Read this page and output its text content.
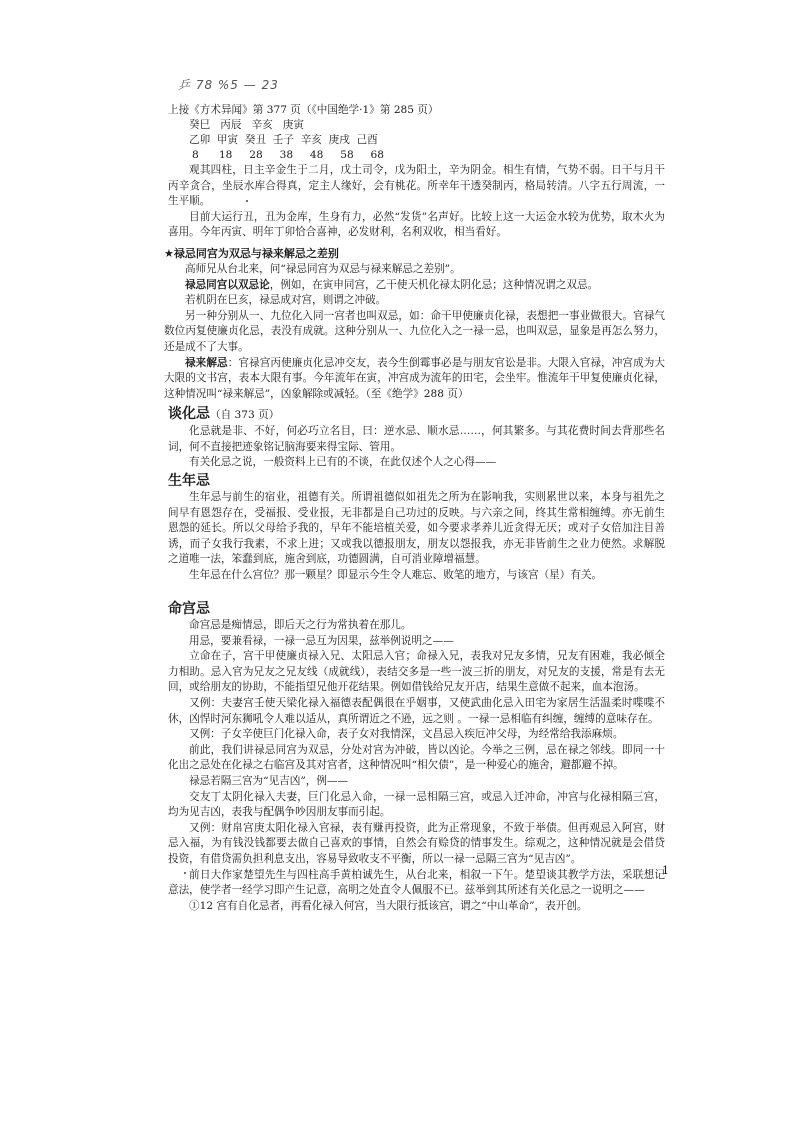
乒 78 %5 — 23

上接《方术异闻》第 377 页（《中国绝学·1》第 285 页）

癸巳   丙辰   辛亥   庚寅

乙卯  甲寅  癸丑  壬子  辛亥  庚戌  己酉

8      18     28     38     48     58     68

观其四柱，日主辛金生于二月，戊土司令，戊为阳土，辛为阴金。相生有情，气势不弱。日干与月干丙辛贪合，坐辰水库合得真，定主人缘好，会有桃花。所幸年干透癸制丙，格局转清。八字五行周流，一生平顺。

目前大运行丑，丑为金库，生身有力，必然“发货”名声好。比较上这一大运金水较为优势，取木火为喜用。今年丙寅、明年丁卯恰合喜神，必发财利，名利双收，相当看好。

★禄忌同宫为双忌与禄来解忌之差别

高师兄从台北来，问“禄忌同宫为双忌与禄来解忌之差别”。

禄忌同宫以双忌论，例如，在寅申同宫，乙干使天机化禄太阴化忌；这种情况谓之双忌。

若机阴在巳亥，禄忌成对宫，则谓之冲破。

另一种分别从一、九位化入同一宫者也叫双忌，如：命干甲使廉贞化禄，表想把一事业做很大。官禄气数位丙复使廉贞化忌，表没有成就。这种分别从一、九位化入之一禄一忌，也叫双忌，显象是再怎么努力，还是成不了大事。

禄来解忌：官禄宫丙使廉贞化忌冲交友，表今生倒霉事必是与朋友官讼是非。大限入官禄，冲宫成为大大限的文书宫，表本大限有事。今年流年在寅，冲宫成为流年的田宅，会坐牢。惟流年干甲复使廉贞化禄，这种情况叫“禄来解忌”，凶象解除或减轻。（至《绝学》288 页）

谈化忌（自 373 页）

化忌就是非、不好，何必巧立名目，曰：逆水忌、顺水忌……，何其繁多。与其花费时间去背那些名词，何不直接把迹象铭记脑海要来得宝际、管用。

有关化忌之说，一般资料上已有的不谈，在此仅述个人之心得——

生年忌

生年忌与前生的宿业，祖德有关。所谓祖德似如祖先之所为在影响我，实则累世以来，本身与祖先之间早有恩怨存在，受福报、受业报，无非都是自己功过的反映。与六亲之间，终其生常相缠缚。亦无前生恩怨的延长。所以父母给予我的，早年不能培植关爱，如今要求孝养儿近贪得无厌；或对子女倍加注目善诱，而子女我行我素，不求上进；又或我以德报朋友，朋友以怨报我，亦无非皆前生之业力使然。求解脱之道唯一法，笨蠢到底，施舍到底，功德圆满，自可消业障增福慧。

生年忌在什么宫位？那一颗星？即显示今生令人难忘、败笔的地方，与该宫（星）有关。

命宫忌

命宫忌是痴情忌，即后天之行为常执着在那儿。

用忌，要兼看禄，一禄一忌互为因果，兹举例说明之——

立命在子，宫干甲使廉贞禄入兄、太阳忌入官；命禄入兄，表我对兄友多情，兄友有困难，我必倾全力相助。忌入官为兄友之兄友线（成就线），表结交多是一些一波三折的朋友，对兄友的支援，常是有去无回，或给朋友的协助，不能指望兄他开花结果。例如借钱给兄友开店，结果生意做不起来，血本泡汤。

又例：夫妻宫壬使天梁化禄入福德表配偶很在乎姻事，又使武曲化忌入田宅为家居生活温柔时喋喋不休，凶悍时河东狮吼令人难以适从，真所谓近之不逊，远之则 。一禄一忌相临有纠缠，缠缚的意味存在。

又例：子女辛使巨门化禄入命，表子女对我情深，文昌忌入疾厄冲父母，为经常给我添麻烦。

前此，我们讲禄忌同宫为双忌，分处对宫为冲破，皆以凶论。今举之三例，忌在禄之邻线。即同一十化出之忌处在化禄之右临宫及其对宫者，这种情况叫“相欠债”，是一种爱心的施舍，避都避不掉。

禄忌若隔三宫为“见吉凶”，例——

交友丁太阴化禄入夫妻，巨门化忌入命，一禄一忌相隔三宫，或忌入迁冲命，冲宫与化禄相隔三宫，均为见吉凶，表我与配偶争吵因朋友事而引起。

又例：财帛宫庚太阳化禄入官禄，表有赚再投资，此为正常现象，不致于举债。但再观忌入阿宫，财忌入福，为有钱没钱都要去做自己喜欢的事情，自然会有赊贷的情事发生。综观之，这种情况就是会借贷投资，有借贷需负担利息支出，容易导致收支不平衡，所以一禄一忌隔三宫为“见吉凶”。

前日大作家楚望先生与四柱高手黄柏诚先生，从台北来，相叙一下午。楚望谈其教学方法，采联想记意法，使学者一经学习即产生记意，高明之处直令人佩服不已。兹举到其所述有关化忌之一说明之——

①12 宫有自化忌者，再看化禄入何宫，当大限行抵该宫，谓之“中山革命”，表开创。

1
